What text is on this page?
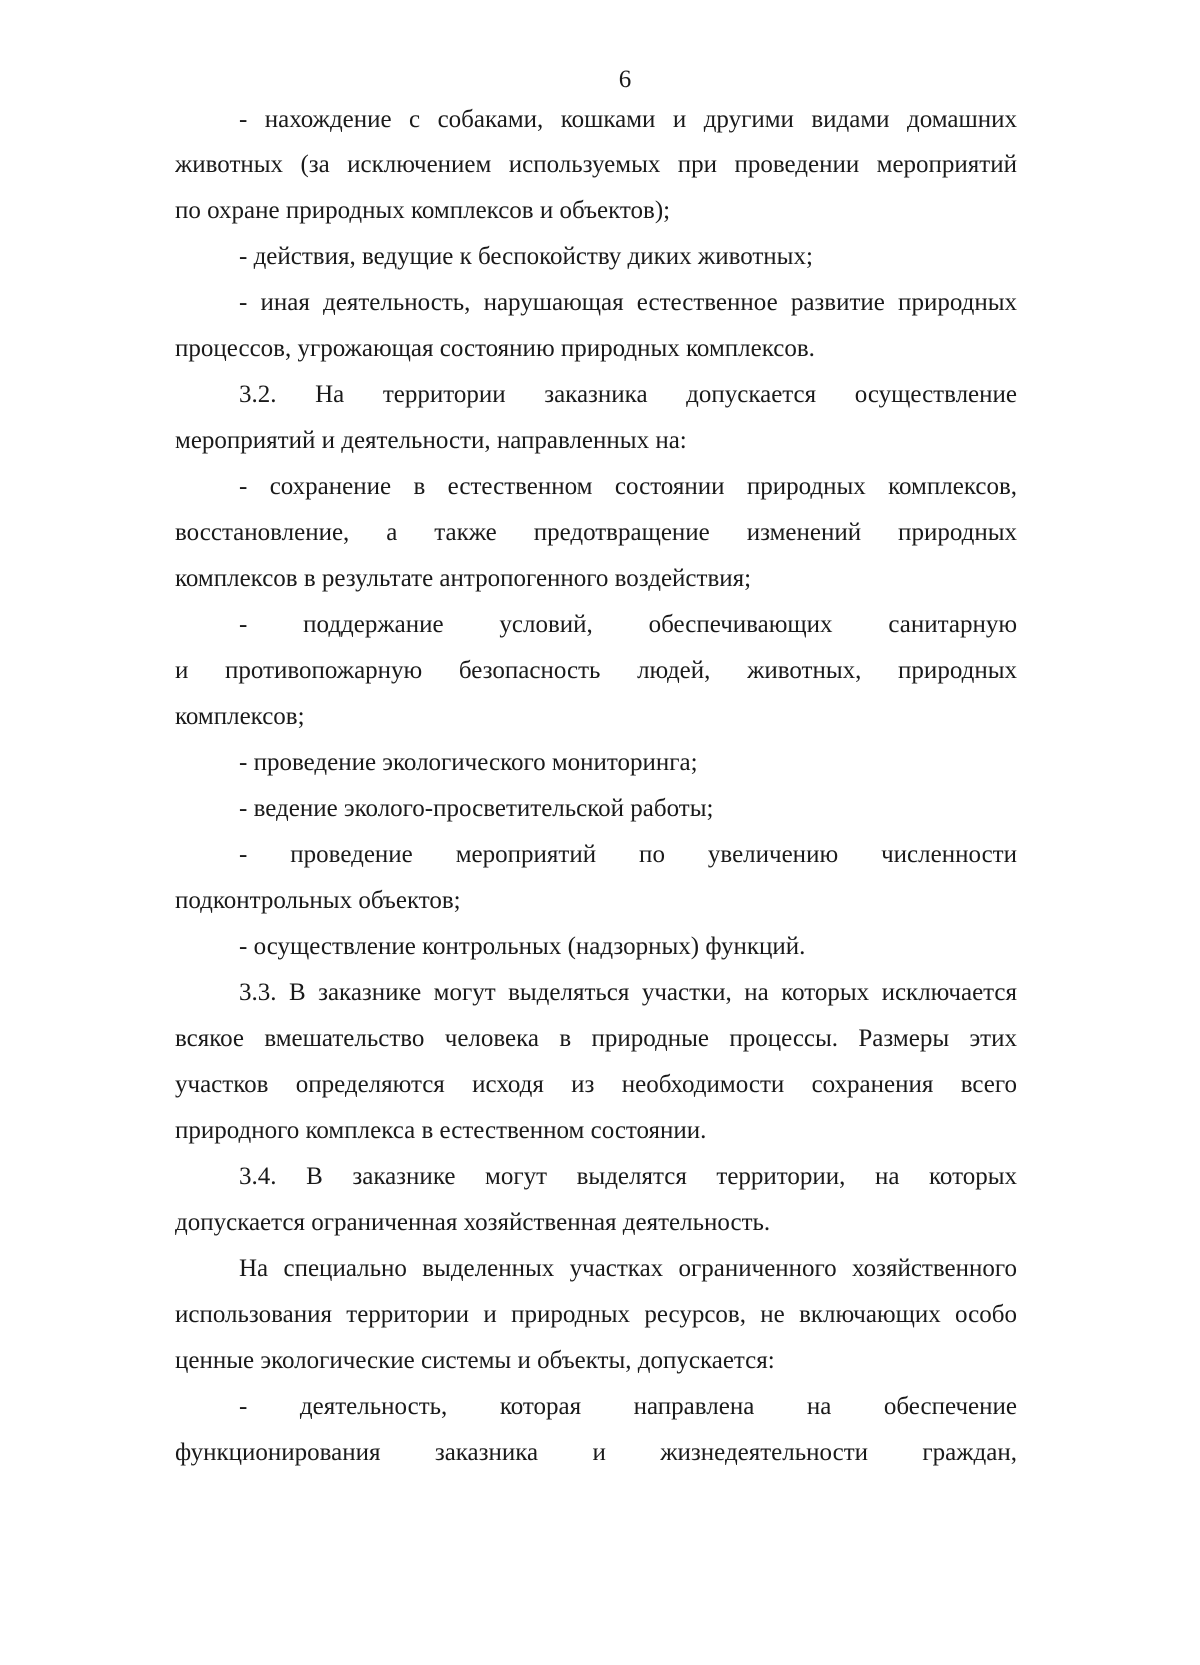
6
- нахождение с собаками, кошками и другими видами домашних
животных (за исключением используемых при проведении мероприятий
по охране природных комплексов и объектов);
- действия, ведущие к беспокойству диких животных;
- иная деятельность, нарушающая естественное развитие природных
процессов, угрожающая состоянию природных комплексов.
3.2. На территории заказника допускается осуществление
мероприятий и деятельности, направленных на:
- сохранение в естественном состоянии природных комплексов,
восстановление, а также предотвращение изменений природных
комплексов в результате антропогенного воздействия;
- поддержание условий, обеспечивающих санитарную
и противопожарную безопасность людей, животных, природных
комплексов;
- проведение экологического мониторинга;
- ведение эколого-просветительской работы;
- проведение мероприятий по увеличению численности
подконтрольных объектов;
- осуществление контрольных (надзорных) функций.
3.3. В заказнике могут выделяться участки, на которых исключается
всякое вмешательство человека в природные процессы. Размеры этих
участков определяются исходя из необходимости сохранения всего
природного комплекса в естественном состоянии.
3.4. В заказнике могут выделятся территории, на которых
допускается ограниченная хозяйственная деятельность.
На специально выделенных участках ограниченного хозяйственного
использования территории и природных ресурсов, не включающих особо
ценные экологические системы и объекты, допускается:
- деятельность, которая направлена на обеспечение
функционирования заказника и жизнедеятельности граждан,
